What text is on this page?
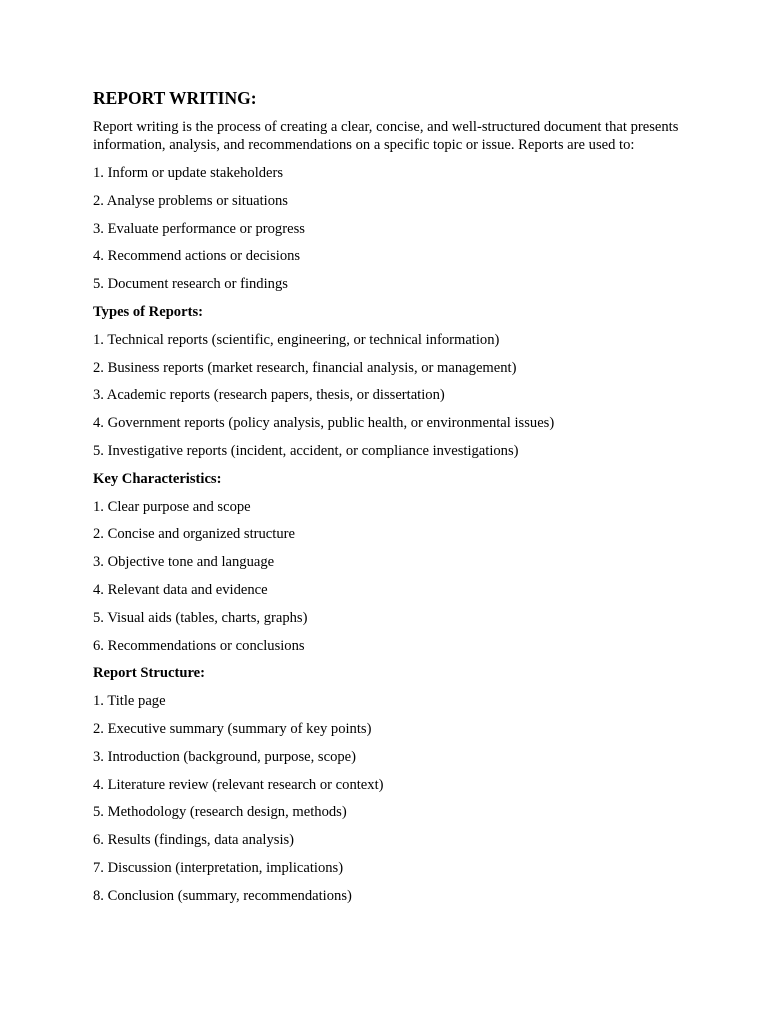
REPORT WRITING:
Report writing is the process of creating a clear, concise, and well-structured document that presents information, analysis, and recommendations on a specific topic or issue. Reports are used to:
1. Inform or update stakeholders
2. Analyse problems or situations
3. Evaluate performance or progress
4. Recommend actions or decisions
5. Document research or findings
Types of Reports:
1. Technical reports (scientific, engineering, or technical information)
2. Business reports (market research, financial analysis, or management)
3. Academic reports (research papers, thesis, or dissertation)
4. Government reports (policy analysis, public health, or environmental issues)
5. Investigative reports (incident, accident, or compliance investigations)
Key Characteristics:
1. Clear purpose and scope
2. Concise and organized structure
3. Objective tone and language
4. Relevant data and evidence
5. Visual aids (tables, charts, graphs)
6. Recommendations or conclusions
Report Structure:
1. Title page
2. Executive summary (summary of key points)
3. Introduction (background, purpose, scope)
4. Literature review (relevant research or context)
5. Methodology (research design, methods)
6. Results (findings, data analysis)
7. Discussion (interpretation, implications)
8. Conclusion (summary, recommendations)
